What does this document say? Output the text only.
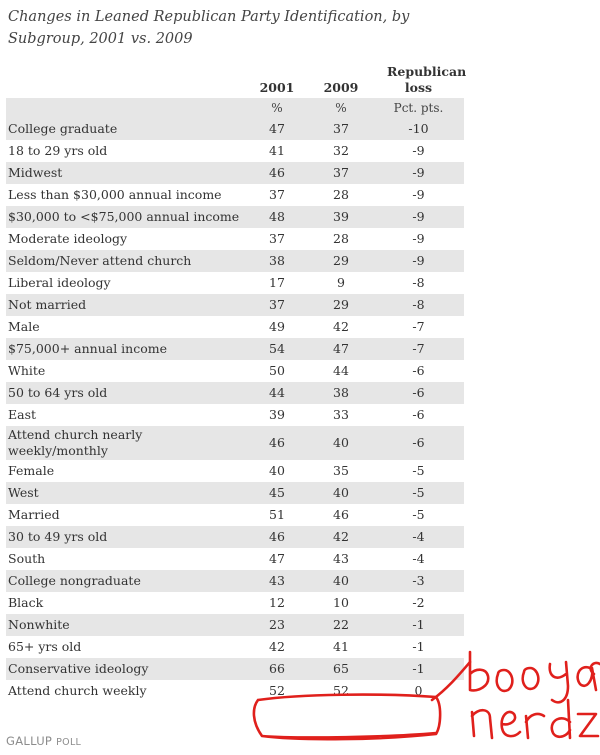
Changes in Leaned Republican Party Identification, by Subgroup, 2001 vs. 2009
	2001	2009	Republican loss
	%	%	Pct. pts.
College graduate	47	37	-10
18 to 29 yrs old	41	32	-9
Midwest	46	37	-9
Less than $30,000 annual income	37	28	-9
$30,000 to <$75,000 annual income	48	39	-9
Moderate ideology	37	28	-9
Seldom/Never attend church	38	29	-9
Liberal ideology	17	9	-8
Not married	37	29	-8
Male	49	42	-7
$75,000+ annual income	54	47	-7
White	50	44	-6
50 to 64 yrs old	44	38	-6
East	39	33	-6
Attend church nearly weekly/monthly	46	40	-6
Female	40	35	-5
West	45	40	-5
Married	51	46	-5
30 to 49 yrs old	46	42	-4
South	47	43	-4
College nongraduate	43	40	-3
Black	12	10	-2
Nonwhite	23	22	-1
65+ yrs old	42	41	-1
Conservative ideology	66	65	-1
Attend church weekly	52	52	0
GALLUP POLL
